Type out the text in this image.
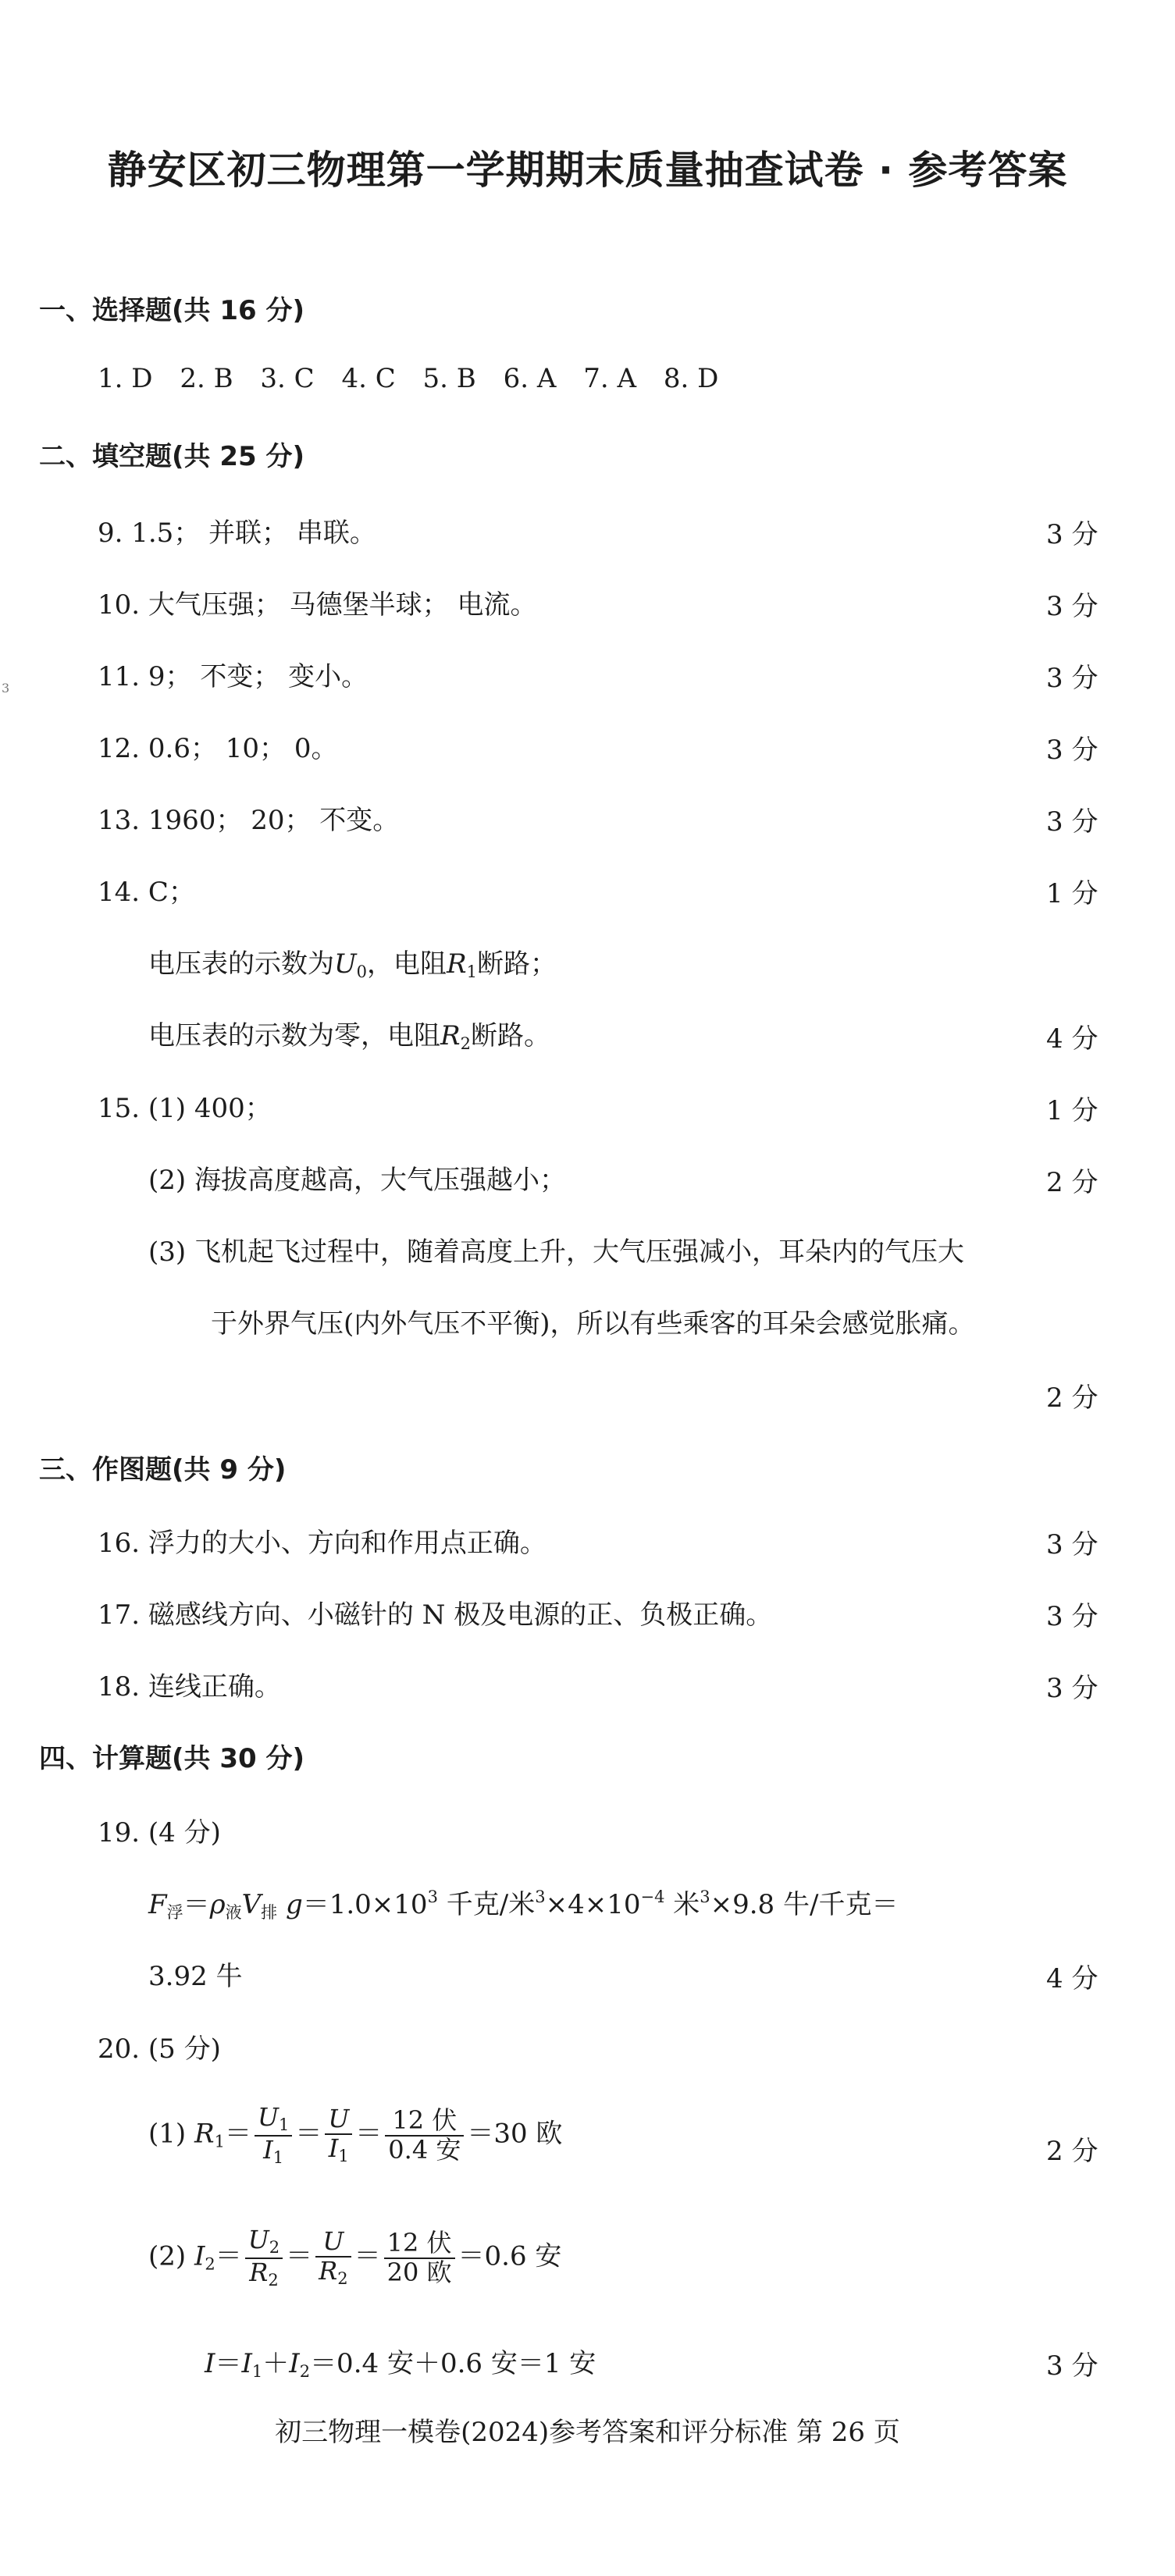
静安区初三物理第一学期期末质量抽查试卷 · 参考答案
3
一、选择题(共 16 分)
1. D 2. B 3. C 4. C 5. B 6. A 7. A 8. D
二、填空题(共 25 分)
9. 1.5； 并联； 串联。	3 分
10. 大气压强； 马德堡半球； 电流。	3 分
11. 9； 不变； 变小。	3 分
12. 0.6； 10； 0。	3 分
13. 1960； 20； 不变。	3 分
14. C；	1 分
电压表的示数为$U_0$，电阻$R_1$断路；
电压表的示数为零，电阻$R_2$断路。	4 分
15. (1) 400；	1 分
(2) 海拔高度越高，大气压强越小；	2 分
(3) 飞机起飞过程中，随着高度上升，大气压强减小，耳朵内的气压大
于外界气压(内外气压不平衡)，所以有些乘客的耳朵会感觉胀痛。
2 分
三、作图题(共 9 分)
16. 浮力的大小、方向和作用点正确。	3 分
17. 磁感线方向、小磁针的 N 极及电源的正、负极正确。	3 分
18. 连线正确。	3 分
四、计算题(共 30 分)
19. (4 分)
$F_浮=\rho_液V_排$ $g=1.0\times 10^3$ 千克/米$^3\times 4\times 10^{-4}$ 米$^3$×9.8 牛/千克＝
3.92 牛	4 分
20. (5 分)
(1) $R_1= \frac{U_1}{I_1} = \frac{U}{I_1} = \frac{\text{12 伏}}{\text{0.4 安}} =30$ 欧
2 分
(2) $I_2= \frac{U_2}{R_2} = \frac{U}{R_2} = \frac{\text{12 伏}}{\text{20 欧}} =0.6$ 安
$I=I_1+I_2=0.4$ 安＋0.6 安＝1 安	3 分
初三物理一模卷(2024)参考答案和评分标准 第 26 页
